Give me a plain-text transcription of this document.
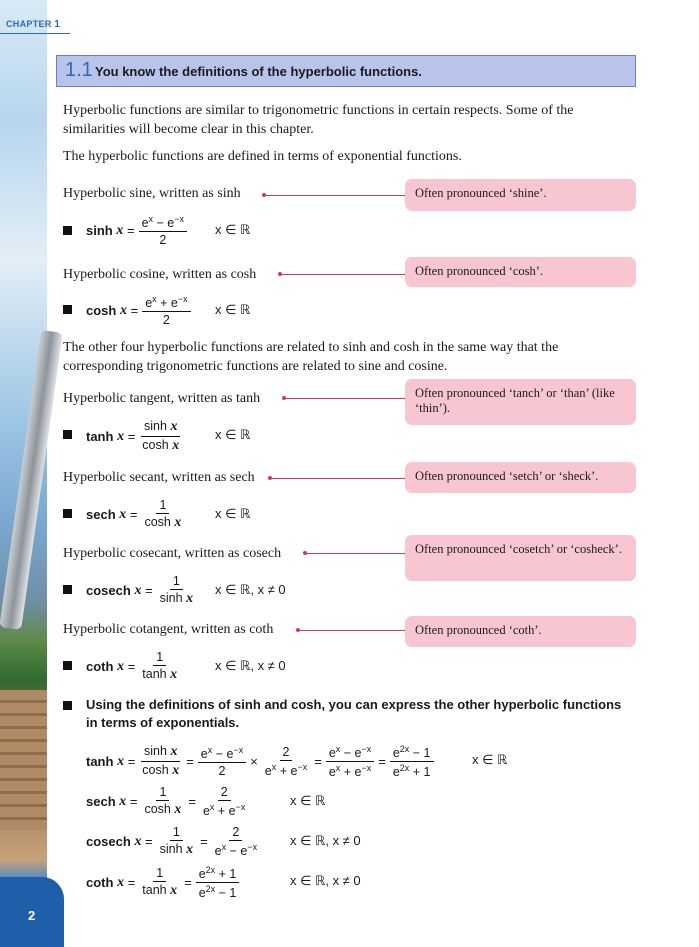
2
CHAPTER 1
1.1 You know the definitions of the hyperbolic functions.
Hyperbolic functions are similar to trigonometric functions in certain respects. Some of the similarities will become clear in this chapter.
The hyperbolic functions are defined in terms of exponential functions.
Hyperbolic sine, written as sinh	Often pronounced ‘shine’.
sinh
$x = \frac{e^x - e^{-x}}{2}$ x ∈ ℝ
Hyperbolic cosine, written as cosh	Often pronounced ‘cosh’.
cosh
$x = \frac{e^x + e^{-x}}{2}$ x ∈ ℝ
The other four hyperbolic functions are related to sinh and cosh in the same way that the corresponding trigonometric functions are related to sine and cosine.
Hyperbolic tangent, written as tanh	Often pronounced ‘tanch’ or ‘than’ (like ‘thin’).
tanh
$x = \frac{\text{sinh x}}{\text{cosh x}}$	x ∈ ℝ
Hyperbolic secant, written as sech	Often pronounced ‘setch’ or ‘sheck’.
sech
$x = \frac{1}{\text{cosh x}}$ x ∈ ℝ
Hyperbolic cosecant, written as cosech	Often pronounced ‘cosetch’ or ‘cosheck’.
cosech
$x = \frac{1}{\text{sinh x}}$ x ∈ ℝ, x ≠ 0
Hyperbolic cotangent, written as coth	Often pronounced ‘coth’.
coth
$x = \frac{1}{\text{tanh x}}$	x ∈ ℝ, x ≠ 0
Using the definitions of sinh and cosh, you can express the other hyperbolic functions in terms of exponentials.
tanh
$x = \frac{\text{sinh x}}{\text{cosh x}} = \frac{e^x - e^{-x}}{2} \times \frac{2}{e^x + e^{-x}} = \frac{e^x - e^{-x}}{e^x + e^{-x}} = \frac{e^{2x} - 1}{e^{2x} + 1}$	x ∈ ℝ
sech
$x = \frac{1}{\text{cosh x}} = \frac{2}{e^x + e^{-x}}$	x ∈ ℝ
cosech
$x = \frac{1}{\text{sinh x}} = \frac{2}{e^x - e^{-x}}$ x ∈ ℝ, x ≠ 0
coth
$x = \frac{1}{\text{tanh x}} = \frac{e^{2x} + 1}{e^{2x} - 1}$	x ∈ ℝ, x ≠ 0
